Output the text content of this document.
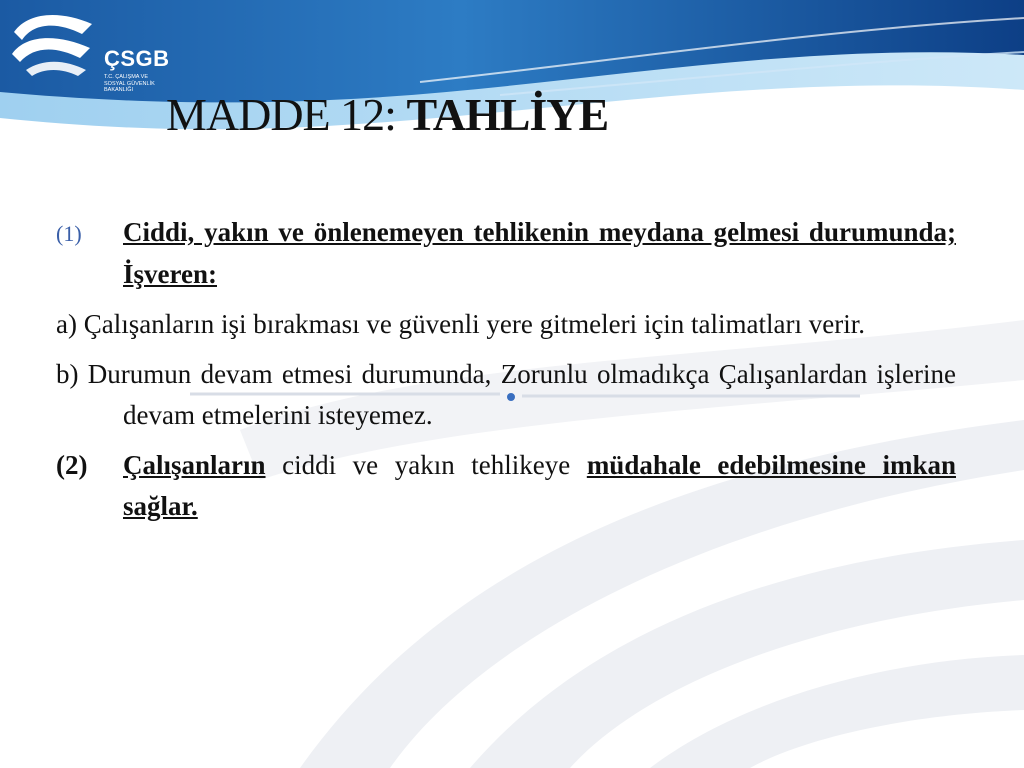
ÇSGB
T.C. ÇALIŞMA VE
SOSYAL GÜVENLİK
BAKANLIĞI MADDE 12: TAHLİYE

(1) Ciddi, yakın ve önlenemeyen tehlikenin meydana gelmesi durumunda; İşveren:

a) Çalışanların işi bırakması ve güvenli yere gitmeleri için talimatları verir.

b) Durumun devam etmesi durumunda, Zorunlu olmadıkça Çalışanlardan işlerine devam etmelerini isteyemez.

(2) Çalışanların ciddi ve yakın tehlikeye müdahale edebilmesine imkan sağlar.
